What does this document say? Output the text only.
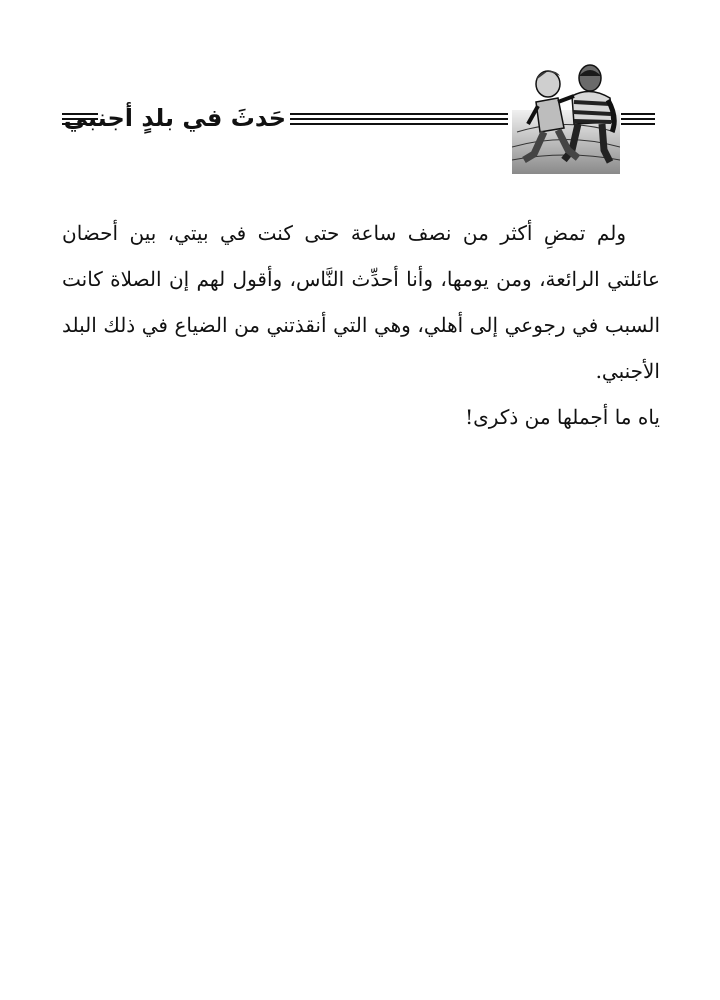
حَدثَ في بلدٍ أجنبي

ولم تمضِ أكثر من نصف ساعة حتى كنت في بيتي، بين أحضان عائلتي الرائعة، ومن يومها، وأنا أحدِّث النَّاس، وأقول لهم إن الصلاة كانت السبب في رجوعي إلى أهلي، وهي التي أنقذتني من الضياع في ذلك البلد الأجنبي.

ياه ما أجملها من ذكرى!
